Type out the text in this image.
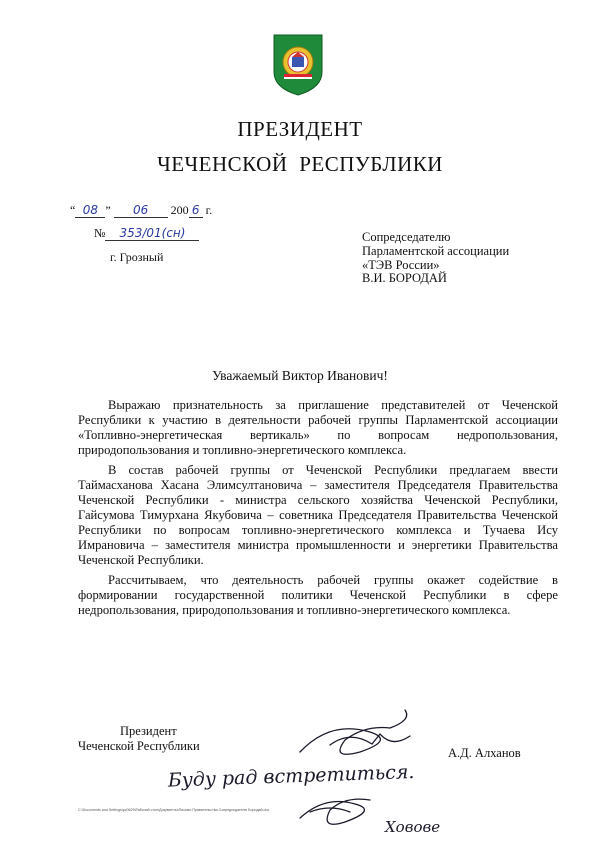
ПРЕЗИДЕНТ
ЧЕЧЕНСКОЙ РЕСПУБЛИКИ
“ 08 ” 06 200 6 г.
№ 353/01(сн)
г. Грозный
Сопредседателю
Парламентской ассоциации
«ТЭВ России»
В.И. БОРОДАЙ
Уважаемый Виктор Иванович!

Выражаю признательность за приглашение представителей от Чеченской Республики к участию в деятельности рабочей группы Парламентской ассоциации «Топливно-энергетическая вертикаль» по вопросам недропользования, природопользования и топливно-энергетического комплекса.

В состав рабочей группы от Чеченской Республики предлагаем ввести Таймасханова Хасана Элимсултановича – заместителя Председателя Правительства Чеченской Республики - министра сельского хозяйства Чеченской Республики, Гайсумова Тимурхана Якубовича – советника Председателя Правительства Чеченской Республики по вопросам топливно-энергетического комплекса и Тучаева Ису Имрановича – заместителя министра промышленности и энергетики Правительства Чеченской Республики.

Рассчитываем, что деятельность рабочей группы окажет содействие в формировании государственной политики Чеченской Республики в сфере недропользования, природопользования и топливно-энергетического комплекса.

Президент
Чеченской Республики	А.Д. Алханов
Буду рад встретиться.
Ховове
C:\Documents and Settings\pc0629\Рабочий стол\Документы\Письмо Правительства Сопредседателю Бородай.doc
